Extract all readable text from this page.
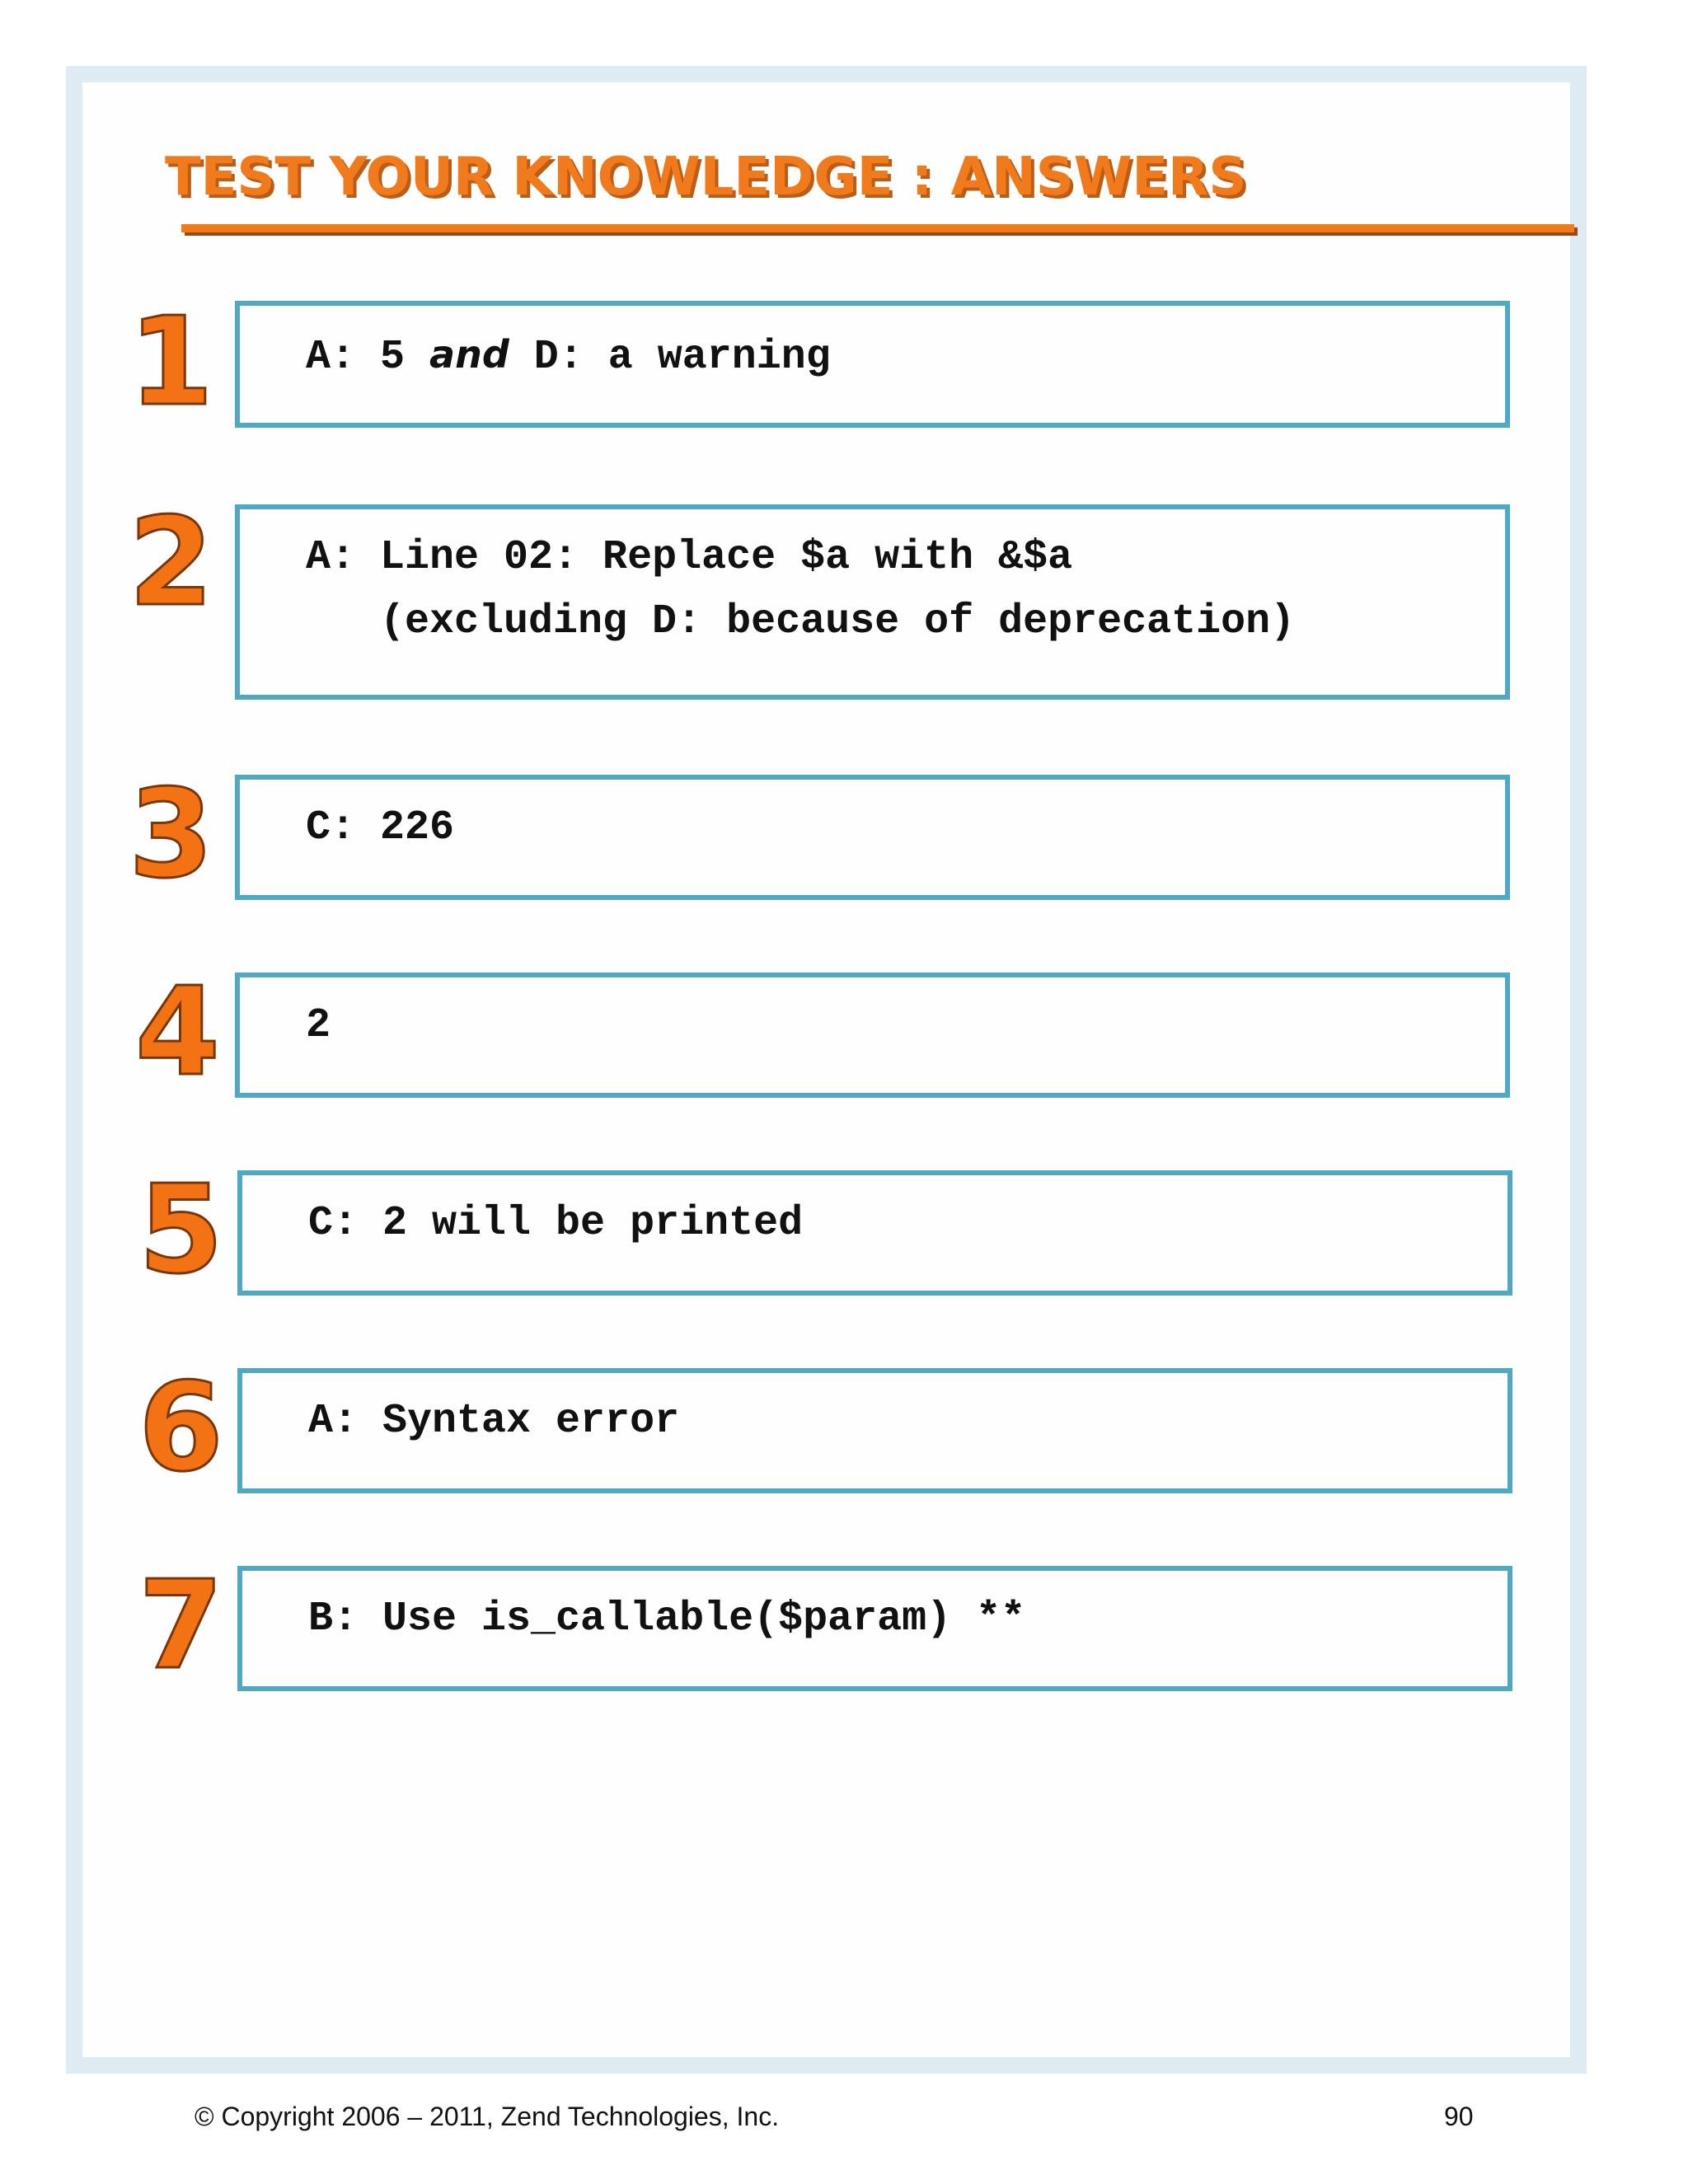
TEST YOUR KNOWLEDGE : ANSWERS
1 A: 5 and D: a warning
2 A: Line 02: Replace $a with &$a
(excluding D: because of deprecation)
3 C: 226
4 2
5 C: 2 will be printed
6 A: Syntax error
7 B: Use is_callable($param) **
© Copyright 2006 – 2011, Zend Technologies, Inc.	90
